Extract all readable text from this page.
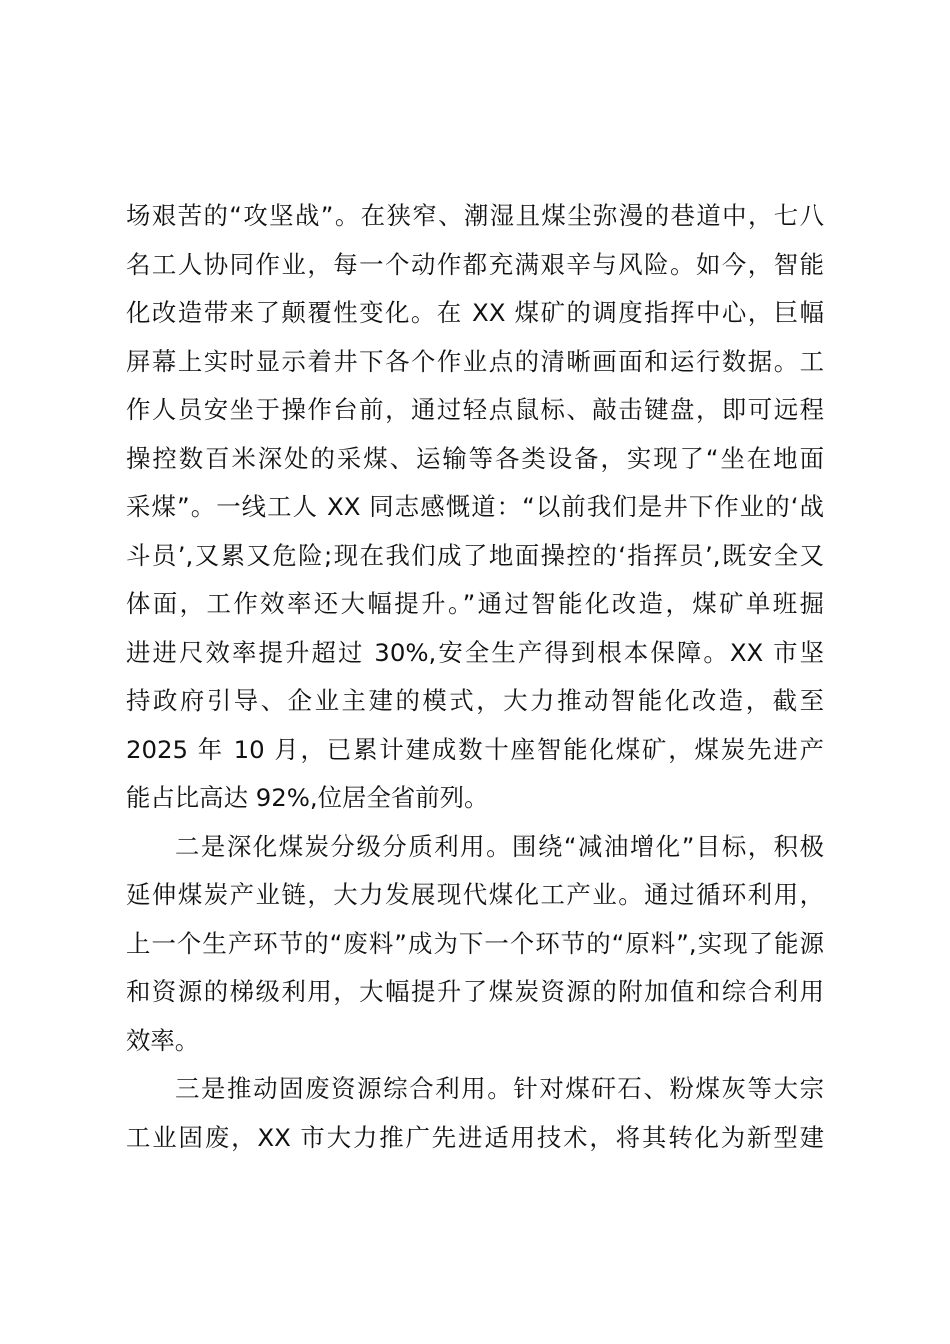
场艰苦的“攻坚战”。在狭窄、潮湿且煤尘弥漫的巷道中，七八
名工人协同作业，每一个动作都充满艰辛与风险。如今，智能
化改造带来了颠覆性变化。在 XX 煤矿的调度指挥中心，巨幅
屏幕上实时显示着井下各个作业点的清晰画面和运行数据。工
作人员安坐于操作台前，通过轻点鼠标、敲击键盘，即可远程
操控数百米深处的采煤、运输等各类设备，实现了“坐在地面
采煤”。一线工人 XX 同志感慨道：“以前我们是井下作业的‘战
斗员’,又累又危险;现在我们成了地面操控的‘指挥员’,既安全又
体面，工作效率还大幅提升。”通过智能化改造，煤矿单班掘
进进尺效率提升超过 30%,安全生产得到根本保障。XX 市坚
持政府引导、企业主建的模式，大力推动智能化改造，截至
2025 年 10 月，已累计建成数十座智能化煤矿，煤炭先进产
能占比高达 92%,位居全省前列。
二是深化煤炭分级分质利用。围绕“减油增化”目标，积极
延伸煤炭产业链，大力发展现代煤化工产业。通过循环利用，
上一个生产环节的“废料”成为下一个环节的“原料”,实现了能源
和资源的梯级利用，大幅提升了煤炭资源的附加值和综合利用
效率。
三是推动固废资源综合利用。针对煤矸石、粉煤灰等大宗
工业固废，XX 市大力推广先进适用技术，将其转化为新型建
